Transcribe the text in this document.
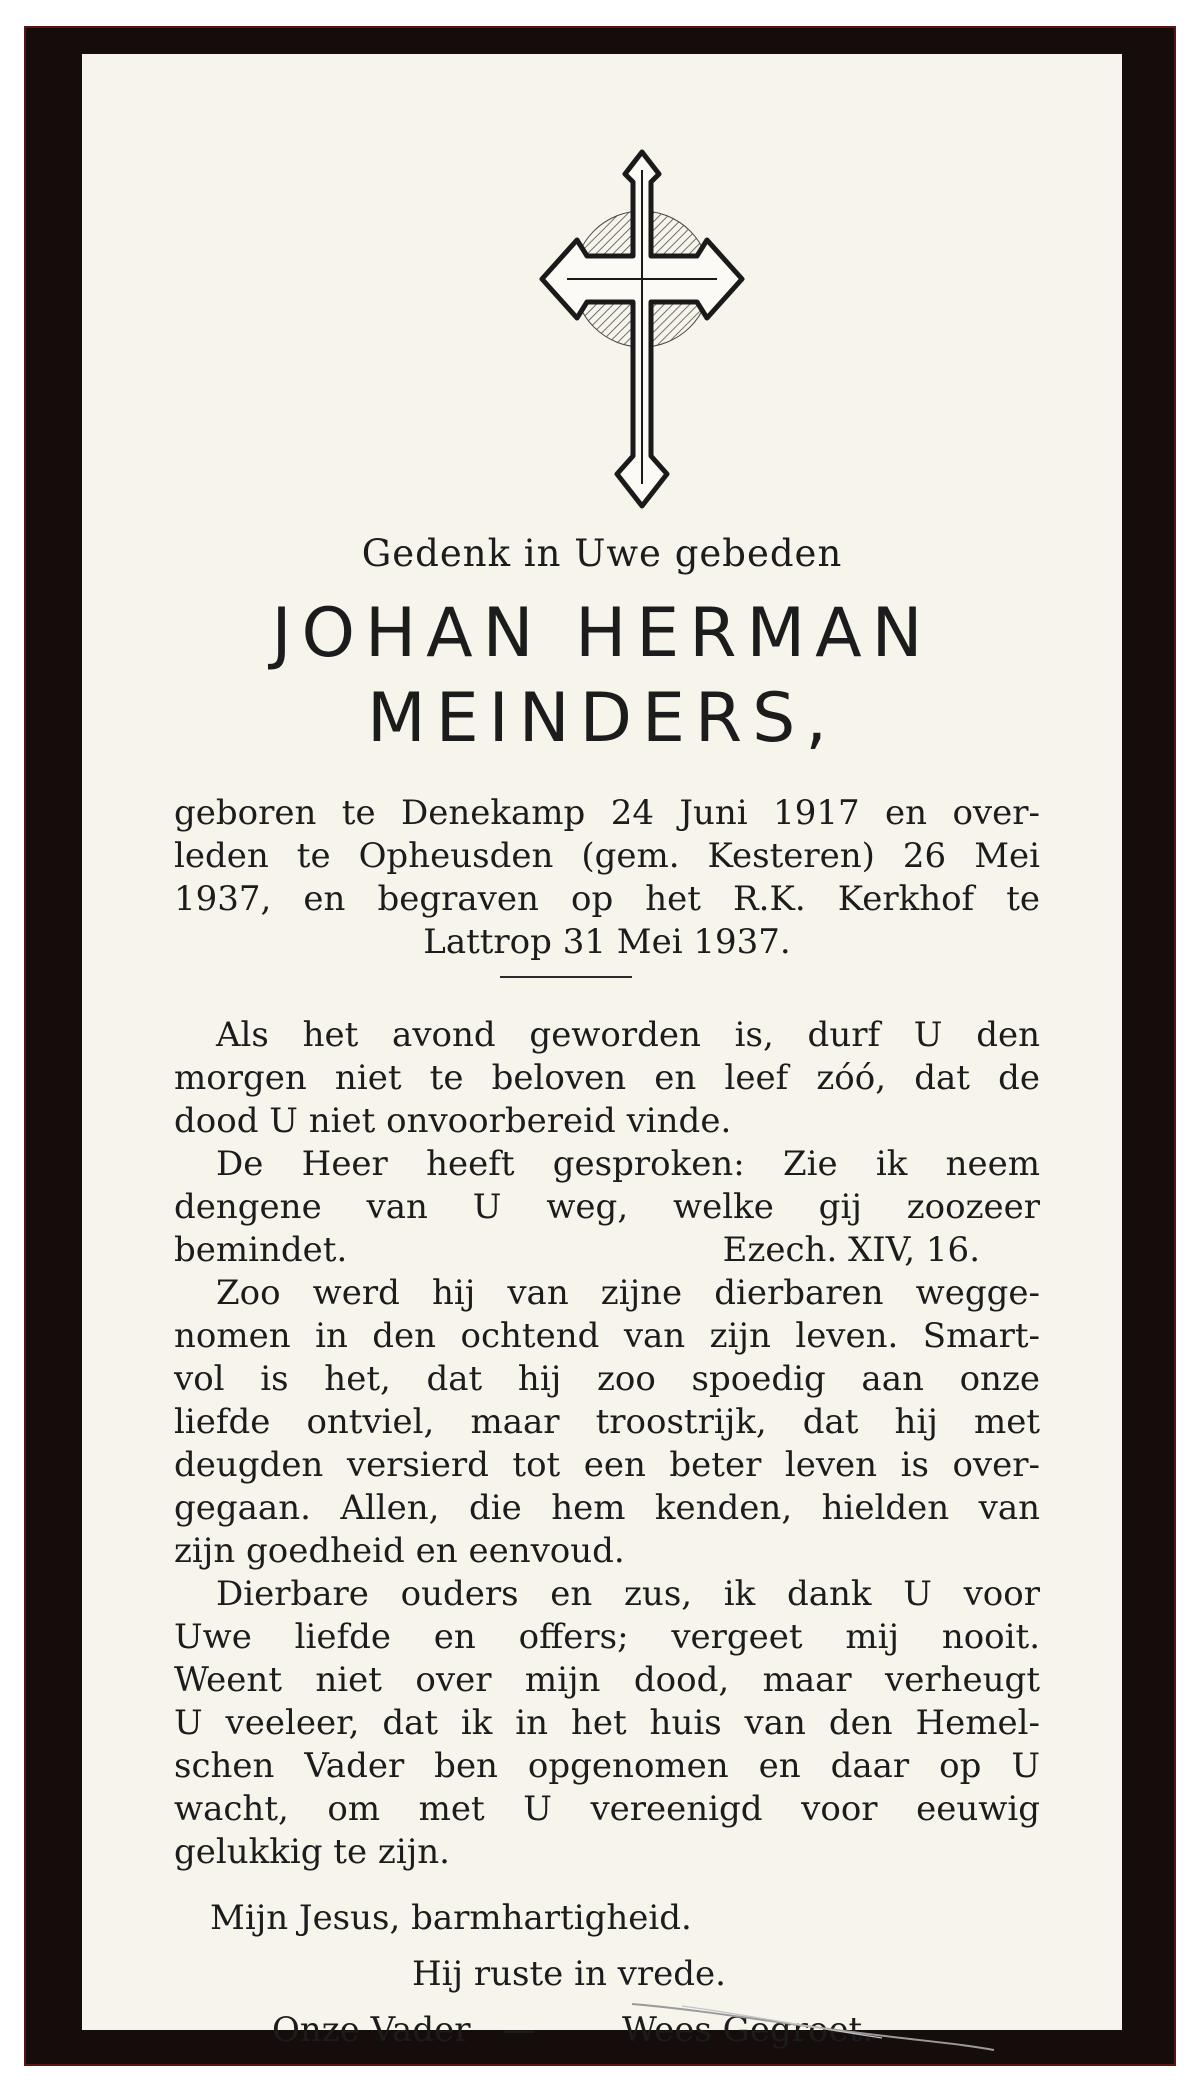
Gedenk in Uwe gebeden

JOHAN HERMAN

MEINDERS,

geboren te Denekamp 24 Juni 1917 en over-
leden te Opheusden (gem. Kesteren) 26 Mei
1937, en begraven op het R.K. Kerkhof te
Lattrop 31 Mei 1937.
Als het avond geworden is, durf U den
morgen niet te beloven en leef zóó, dat de
dood U niet onvoorbereid vinde.
De Heer heeft gesproken: Zie ik neem
dengene van U weg, welke gij zoozeer
bemindet.	Ezech. XIV, 16.
Zoo werd hij van zijne dierbaren wegge-
nomen in den ochtend van zijn leven. Smart-
vol is het, dat hij zoo spoedig aan onze
liefde ontviel, maar troostrijk, dat hij met
deugden versierd tot een beter leven is over-
gegaan. Allen, die hem kenden, hielden van
zijn goedheid en eenvoud.
Dierbare ouders en zus, ik dank U voor
Uwe liefde en offers; vergeet mij nooit.
Weent niet over mijn dood, maar verheugt
U veeleer, dat ik in het huis van den Hemel-
schen Vader ben opgenomen en daar op U
wacht, om met U vereenigd voor eeuwig
gelukkig te zijn.

Mijn Jesus, barmhartigheid.

Hij ruste in vrede.

Onze Vader —	Wees Gegroet.
